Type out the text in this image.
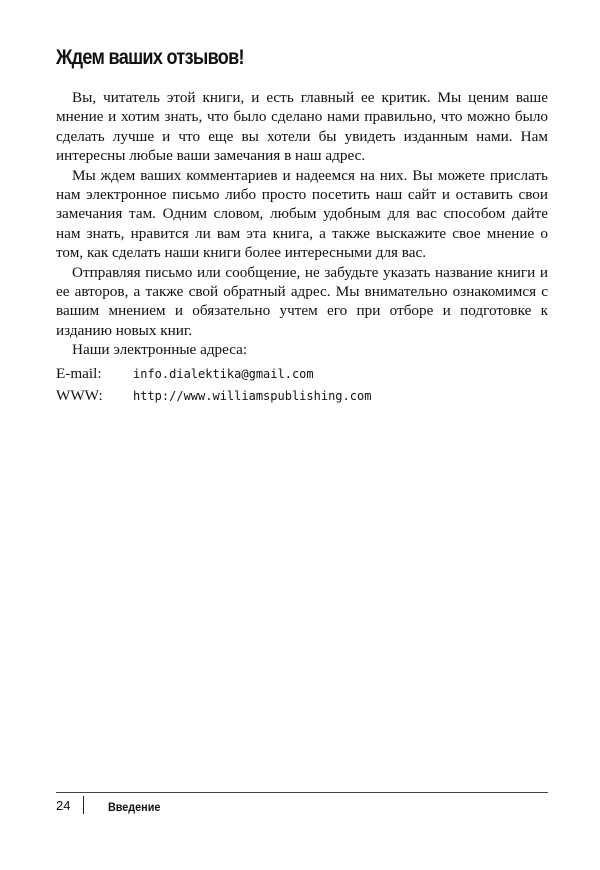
Ждем ваших отзывов!

Вы, читатель этой книги, и есть главный ее критик. Мы ценим ваше мнение и хотим знать, что было сделано нами правильно, что можно было сделать лучше и что еще вы хотели бы увидеть изданным нами. Нам интересны любые ваши замечания в наш адрес.

Мы ждем ваших комментариев и надеемся на них. Вы можете прислать нам электронное письмо либо просто посетить наш сайт и оставить свои замечания там. Одним словом, любым удобным для вас способом дайте нам знать, нравится ли вам эта книга, а также выскажите свое мнение о том, как сделать наши книги более интересными для вас.

Отправляя письмо или сообщение, не забудьте указать название книги и ее авторов, а также свой обратный адрес. Мы внимательно ознакомимся с вашим мнением и обязательно учтем его при отборе и подготовке к изданию новых книг.

Наши электронные адреса:

E-mail:	info.dialektika@gmail.com
WWW:	http://www.williamspublishing.com
24	Введение
